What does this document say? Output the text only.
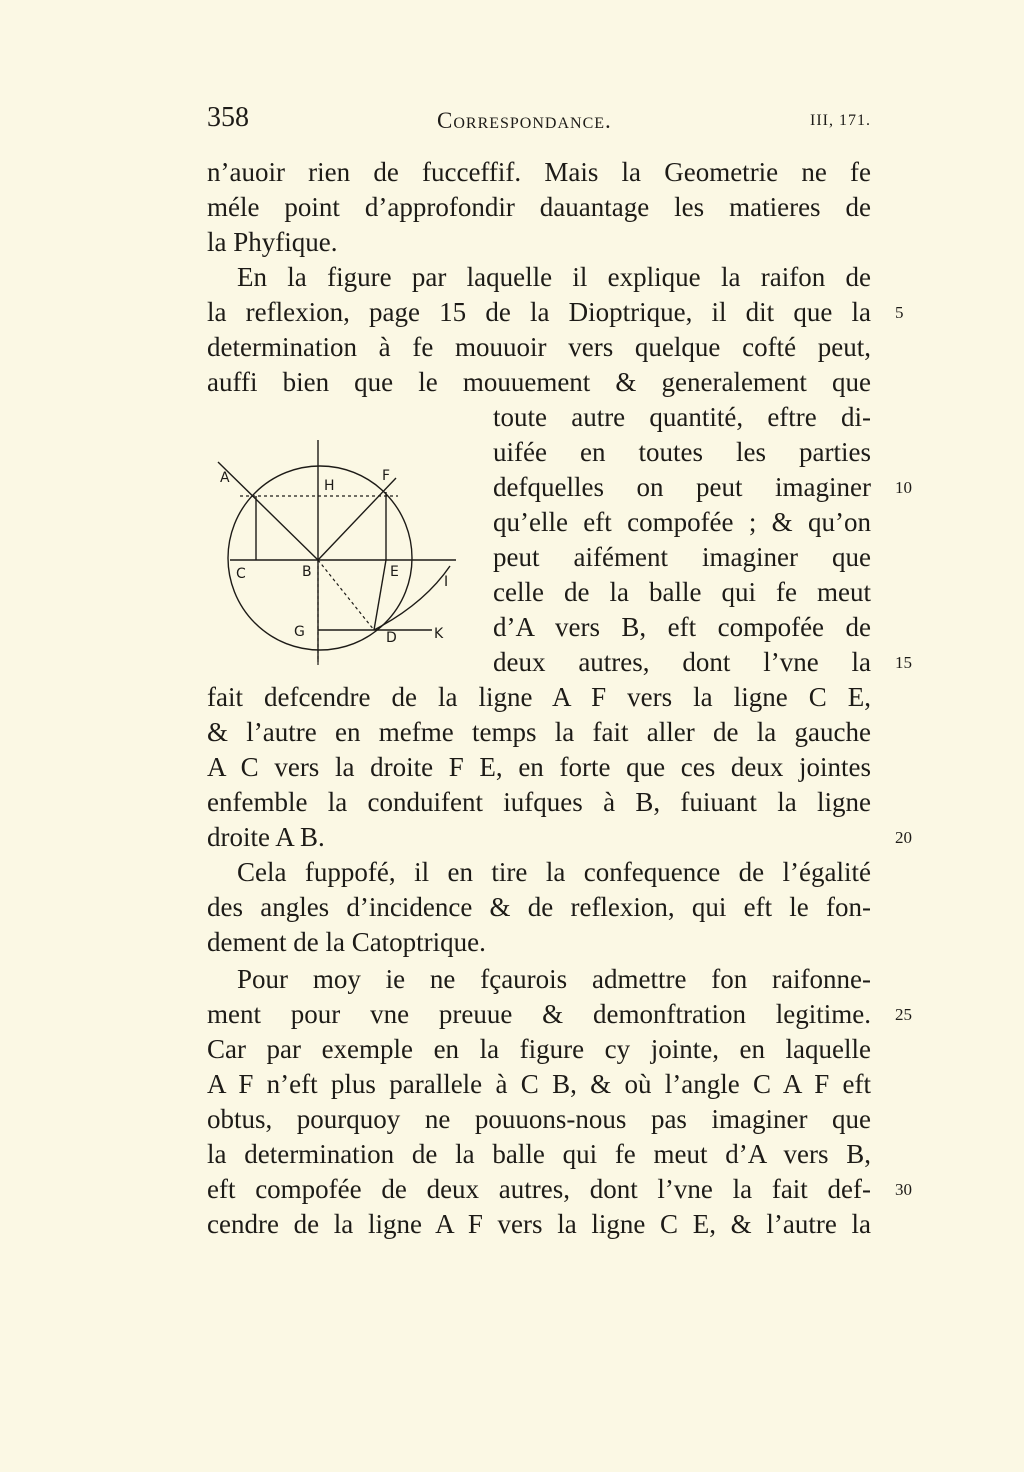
358	Correspondance.	III, 171.
n’auoir rien de fucceffif. Mais la Geometrie ne fe
méle point d’approfondir dauantage les matieres de
la Phyfique.
En la figure par laquelle il explique la raifon de
la reflexion, page 15 de la Dioptrique, il dit que la
determination à fe mouuoir vers quelque cofté peut,
auffi bien que le mouuement & generalement que
toute autre quantité, eftre di-
uifée en toutes les parties
defquelles on peut imaginer
qu’elle eft compofée ; & qu’on
peut aifément imaginer que
celle de la balle qui fe meut
d’A vers B, eft compofée de
deux autres, dont l’vne la
fait defcendre de la ligne A F vers la ligne C E,
& l’autre en mefme temps la fait aller de la gauche
A C vers la droite F E, en forte que ces deux jointes
enfemble la conduifent iufques à B, fuiuant la ligne
droite A B.
Cela fuppofé, il en tire la confequence de l’égalité
des angles d’incidence & de reflexion, qui eft le fon-
dement de la Catoptrique.
Pour moy ie ne fçaurois admettre fon raifonne-
ment pour vne preuue & demonftration legitime.
Car par exemple en la figure cy jointe, en laquelle
A F n’eft plus parallele à C B, & où l’angle C A F eft
obtus, pourquoy ne pouuons-nous pas imaginer que
la determination de la balle qui fe meut d’A vers B,
eft compofée de deux autres, dont l’vne la fait def-
cendre de la ligne A F vers la ligne C E, & l’autre la
5
10
15
20
25
30
A	H
F
C	B	E
G	D	K
I
